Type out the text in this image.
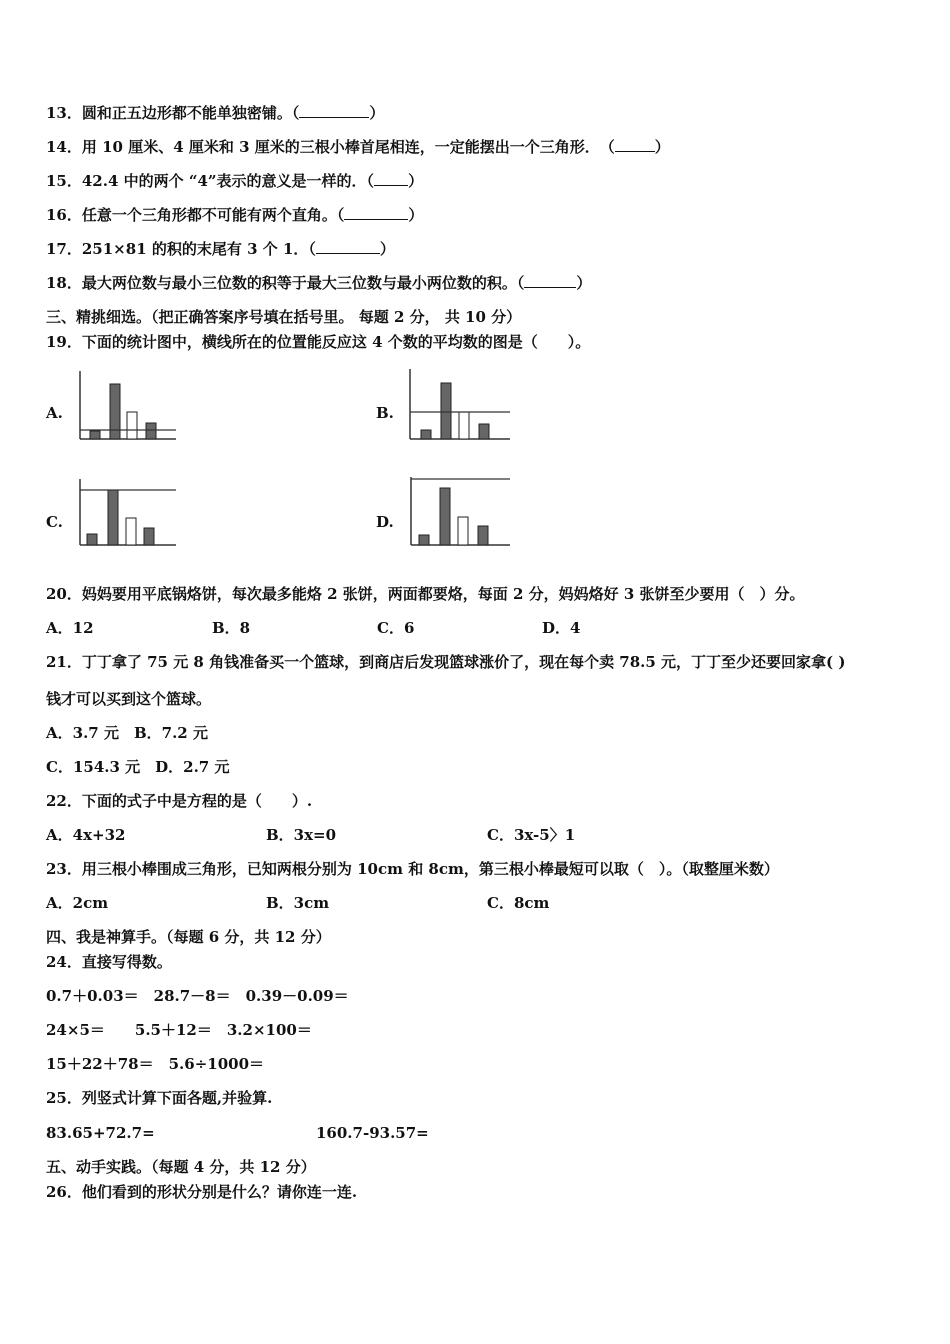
13．圆和正五边形都不能单独密铺。（	）
14．用 10 厘米、4 厘米和 3 厘米的三根小棒首尾相连，一定能摆出一个三角形．　（	）
15．42.4 中的两个 “4”表示的意义是一样的．（ ）
16．任意一个三角形都不可能有两个直角。（	）
17．251×81 的积的末尾有 3 个 1．（	）
18．最大两位数与最小三位数的积等于最大三位数与最小两位数的积。（	）
三、精挑细选。（把正确答案序号填在括号里。 每题 2 分， 共 10 分）
19．下面的统计图中，横线所在的位置能反应这 4 个数的平均数的图是（　　）。
A.	B.
C.	D.
20．妈妈要用平底锅烙饼，每次最多能烙 2 张饼，两面都要烙，每面 2 分，妈妈烙好 3 张饼至少要用（　）分。
A．12	B．8	C．6	D．4
21．丁丁拿了 75 元 8 角钱准备买一个篮球，到商店后发现篮球涨价了，现在每个卖 78.5 元，丁丁至少还要回家拿( )
钱才可以买到这个篮球。
A．3.7 元　B．7.2 元
C．154.3 元　D．2.7 元
22．下面的式子中是方程的是（　　）.
A．4x+32	B．3x=0	C．3x-5〉1
23．用三根小棒围成三角形，已知两根分别为 10cm 和 8cm，第三根小棒最短可以取（　）。（取整厘米数）
A．2cm	B．3cm	C．8cm
四、我是神算手。（每题 6 分，共 12 分）
24．直接写得数。
0.7＋0.03＝　28.7－8＝　0.39－0.09＝
24×5＝　　5.5＋12＝　3.2×100＝
15＋22＋78＝　5.6÷1000＝
25．列竖式计算下面各题,并验算.
83.65+72.7=	160.7-93.57=
五、动手实践。（每题 4 分，共 12 分）
26．他们看到的形状分别是什么？请你连一连.
